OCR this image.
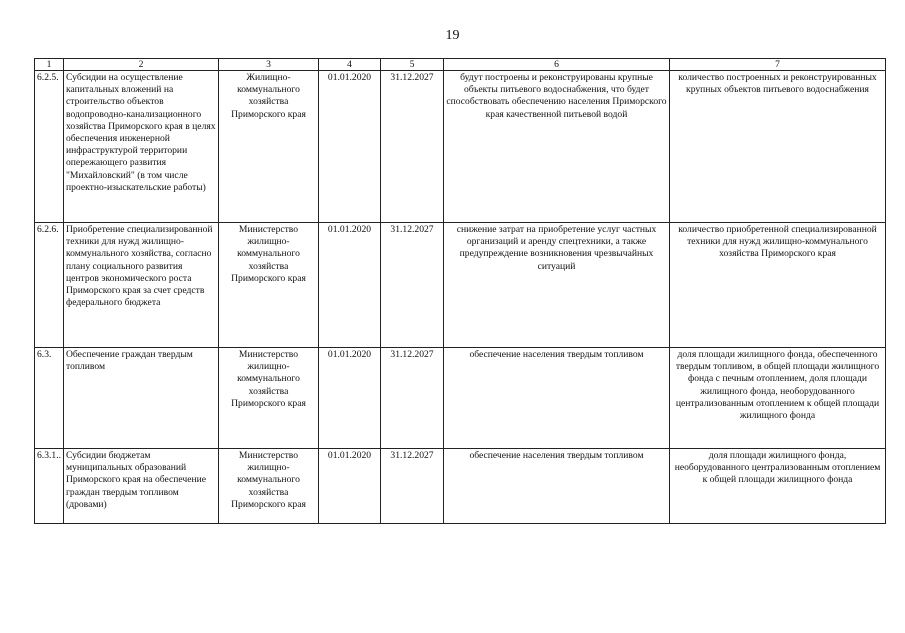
19
1	2	3	4	5	6	7
6.2.5.	Субсидии на осуществление капитальных вложений на строительство объектов водопроводно-канализационного хозяйства Приморского края в целях обеспечения инженерной инфраструктурой территории опережающего развития "Михайловский" (в том числе проектно-изыскательские работы)	Жилищно-коммунального хозяйства Приморского края	01.01.2020	31.12.2027	будут построены и реконструированы крупные объекты питьевого водоснабжения, что будет способствовать обеспечению населения Приморского края качественной питьевой водой	количество построенных и реконструированных крупных объектов питьевого водоснабжения
6.2.6.	Приобретение специализированной техники для нужд жилищно-коммунального хозяйства, согласно плану социального развития центров экономического роста Приморского края за счет средств федерального бюджета	Министерство жилищно-коммунального хозяйства Приморского края	01.01.2020	31.12.2027	снижение затрат на приобретение услуг частных организаций и аренду спецтехники, а также предупреждение возникновения чрезвычайных ситуаций	количество приобретенной специализированной техники для нужд жилищно-коммунального хозяйства Приморского края
6.3.	Обеспечение граждан твердым топливом	Министерство жилищно-коммунального хозяйства Приморского края	01.01.2020	31.12.2027	обеспечение населения твердым топливом	доля площади жилищного фонда, обеспеченного твердым топливом, в общей площади жилищного фонда с печным отоплением, доля площади жилищного фонда, необорудованного централизованным отоплением к общей площади жилищного фонда
6.3.1..	Субсидии бюджетам муниципальных образований Приморского края на обеспечение граждан твердым топливом (дровами)	Министерство жилищно-коммунального хозяйства Приморского края	01.01.2020	31.12.2027	обеспечение населения твердым топливом	доля площади жилищного фонда, необорудованного централизованным отоплением к общей площади жилищного фонда
